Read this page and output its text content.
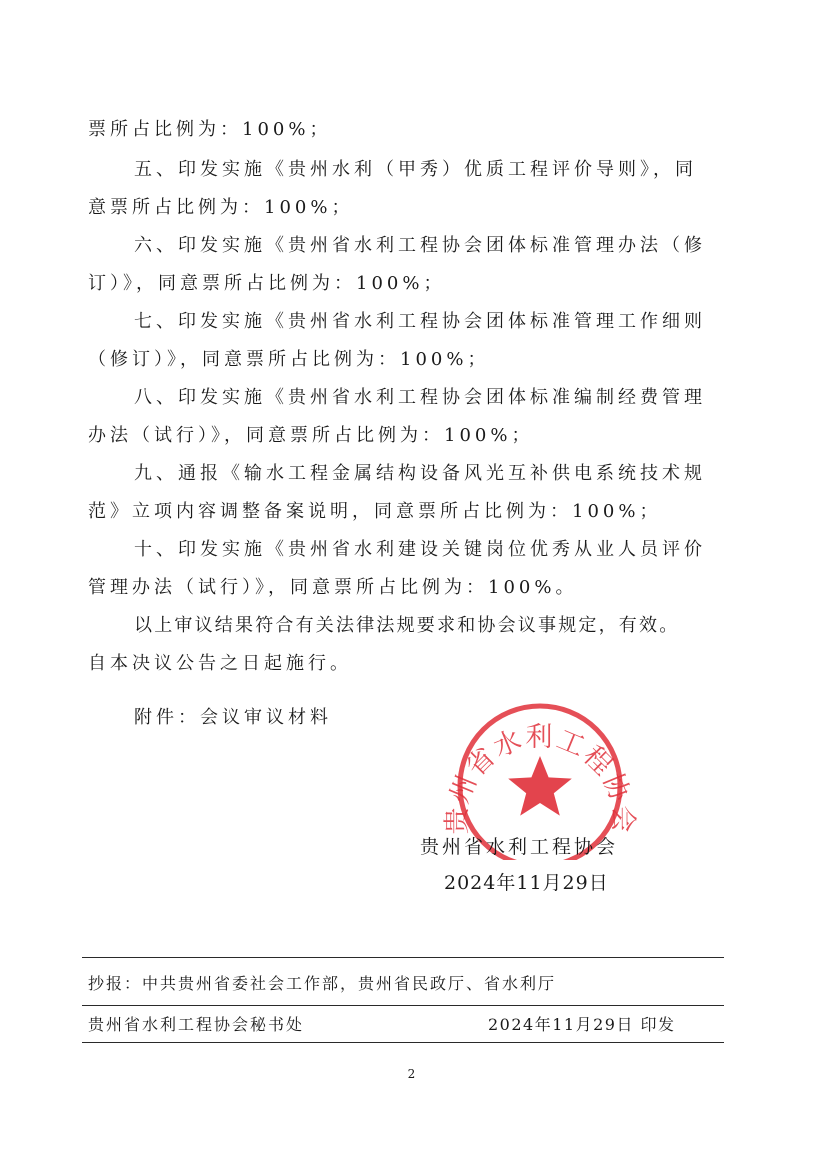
票所占比例为：100%；
五、印发实施《贵州水利（甲秀）优质工程评价导则》，同
意票所占比例为：100%；
六、印发实施《贵州省水利工程协会团体标准管理办法（修
订）》，同意票所占比例为：100%；
七、印发实施《贵州省水利工程协会团体标准管理工作细则
（修订）》，同意票所占比例为：100%；
八、印发实施《贵州省水利工程协会团体标准编制经费管理
办法（试行）》，同意票所占比例为：100%；
九、通报《输水工程金属结构设备风光互补供电系统技术规
范》立项内容调整备案说明，同意票所占比例为：100%；
十、印发实施《贵州省水利建设关键岗位优秀从业人员评价
管理办法（试行）》，同意票所占比例为：100%。
以上审议结果符合有关法律法规要求和协会议事规定，有效。
自本决议公告之日起施行。
附件：会议审议材料
贵州省水利工程协会
贵州省水利工程协会
2024年11月29日
抄报：中共贵州省委社会工作部，贵州省民政厅、省水利厅
贵州省水利工程协会秘书处	2024年11月29日 印发
2
